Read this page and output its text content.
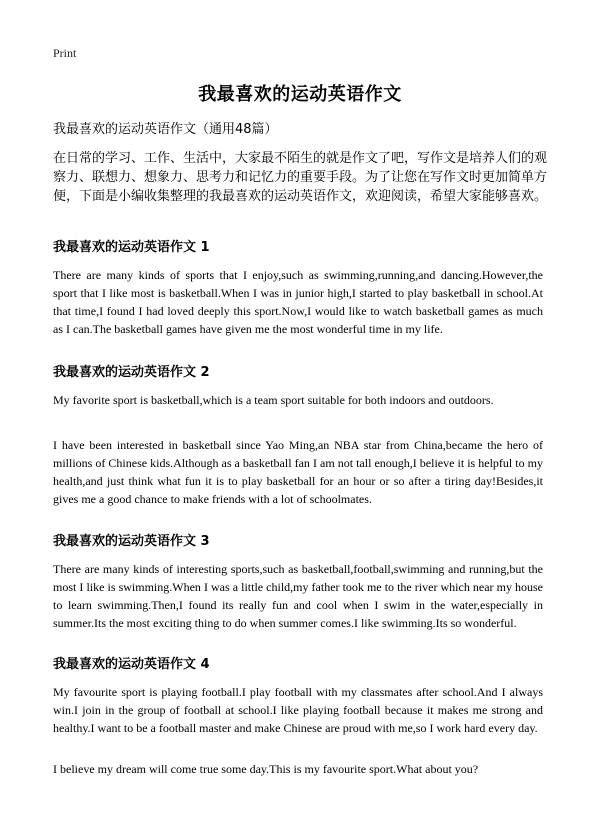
Print
我最喜欢的运动英语作文
我最喜欢的运动英语作文（通用48篇）
在日常的学习、工作、生活中，大家最不陌生的就是作文了吧，写作文是培养人们的观察力、联想力、想象力、思考力和记忆力的重要手段。为了让您在写作文时更加简单方便，下面是小编收集整理的我最喜欢的运动英语作文，欢迎阅读，希望大家能够喜欢。
我最喜欢的运动英语作文 1
There are many kinds of sports that I enjoy,such as swimming,running,and dancing.However,the sport that I like most is basketball.When I was in junior high,I started to play basketball in school.At that time,I found I had loved deeply this sport.Now,I would like to watch basketball games as much as I can.The basketball games have given me the most wonderful time in my life.
我最喜欢的运动英语作文 2
My favorite sport is basketball,which is a team sport suitable for both indoors and outdoors.
I have been interested in basketball since Yao Ming,an NBA star from China,became the hero of millions of Chinese kids.Although as a basketball fan I am not tall enough,I believe it is helpful to my health,and just think what fun it is to play basketball for an hour or so after a tiring day!Besides,it gives me a good chance to make friends with a lot of schoolmates.
我最喜欢的运动英语作文 3
There are many kinds of interesting sports,such as basketball,football,swimming and running,but the most I like is swimming.When I was a little child,my father took me to the river which near my house to learn swimming.Then,I found its really fun and cool when I swim in the water,especially in summer.Its the most exciting thing to do when summer comes.I like swimming.Its so wonderful.
我最喜欢的运动英语作文 4
My favourite sport is playing football.I play football with my classmates after school.And I always win.I join in the group of football at school.I like playing football because it makes me strong and healthy.I want to be a football master and make Chinese are proud with me,so I work hard every day.
I believe my dream will come true some day.This is my favourite sport.What about you?
